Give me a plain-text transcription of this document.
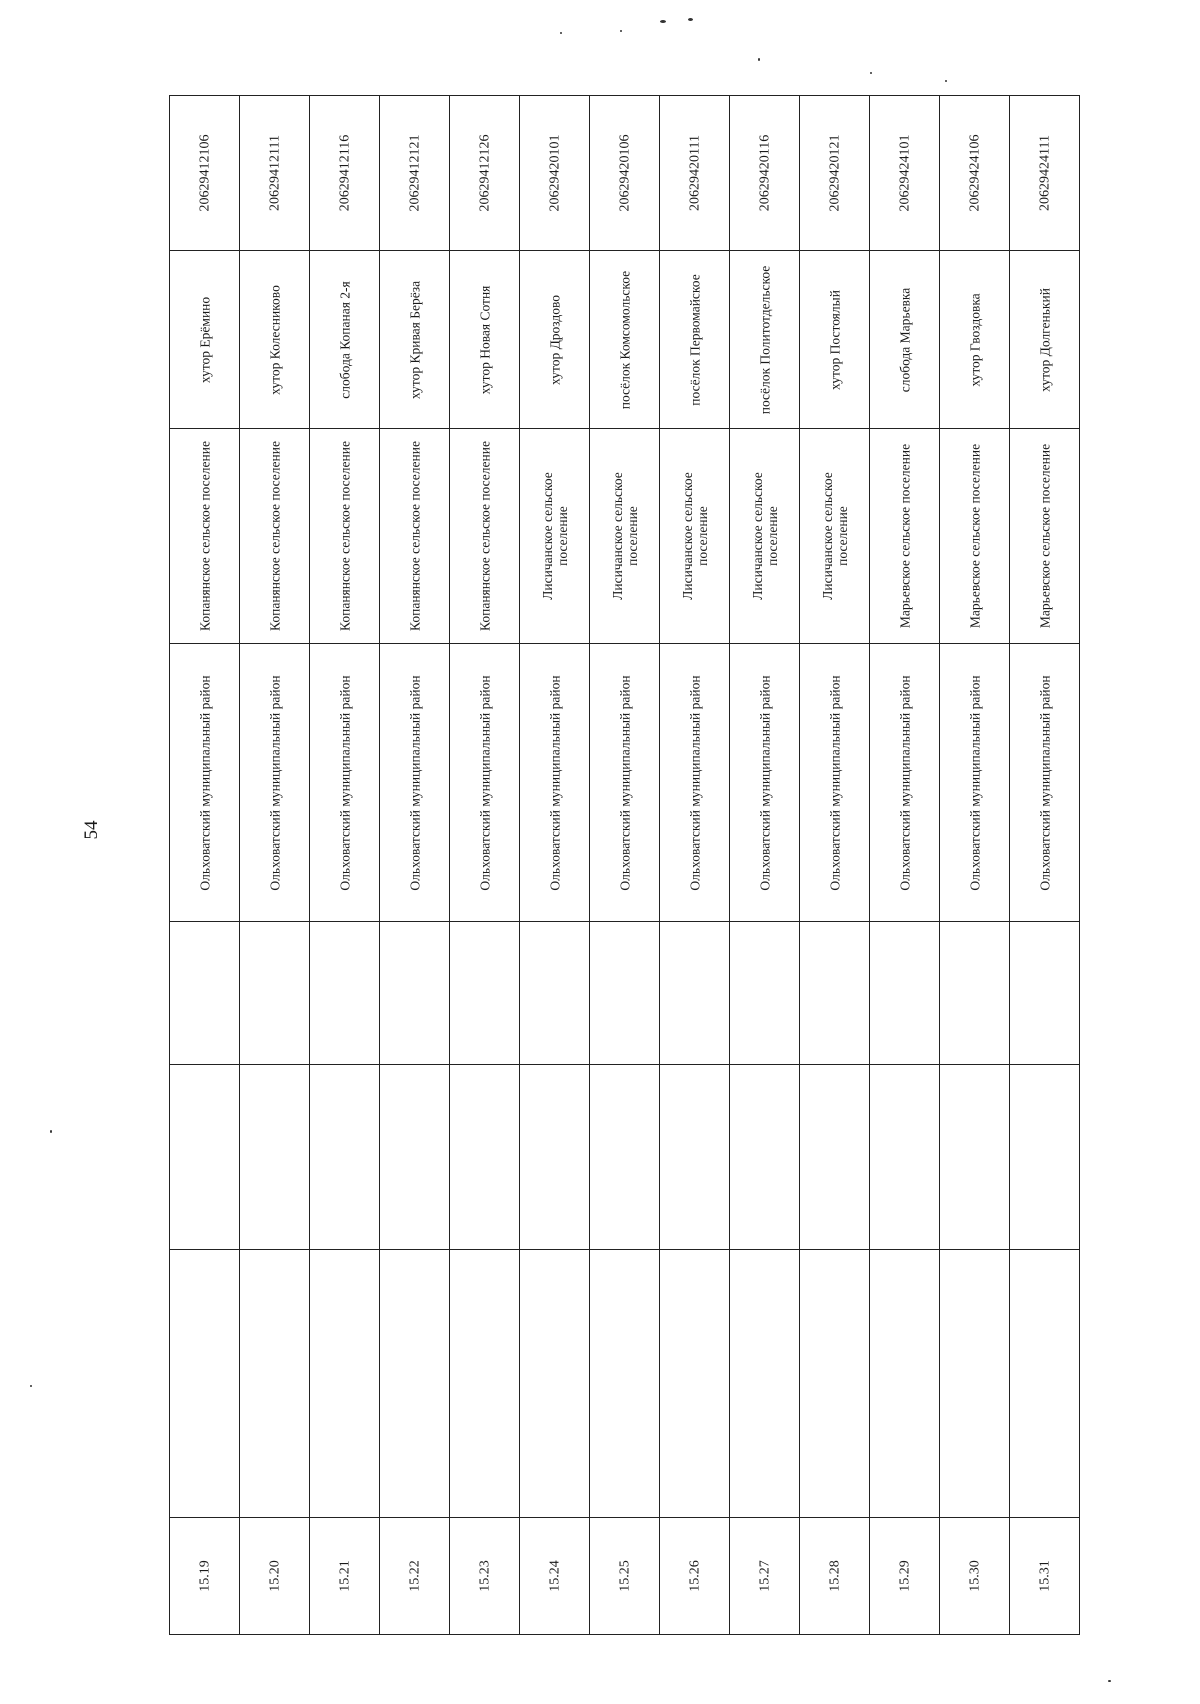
54
20629412106
хутор Ерёмино
Копанянское сельское поселение
Ольховатский муниципальный район
15.19
20629412111
хутор Колесниково
Копанянское сельское поселение
Ольховатский муниципальный район
15.20
20629412116
слобода Копаная 2-я
Копанянское сельское поселение
Ольховатский муниципальный район
15.21
20629412121
хутор Кривая Берёза
Копанянское сельское поселение
Ольховатский муниципальный район
15.22
20629412126
хутор Новая Сотня
Копанянское сельское поселение
Ольховатский муниципальный район
15.23
20629420101
хутор Дроздово
Лисичанское сельское поселение
Ольховатский муниципальный район
15.24
20629420106
посёлок Комсомольское
Лисичанское сельское поселение
Ольховатский муниципальный район
15.25
20629420111
посёлок Первомайское
Лисичанское сельское поселение
Ольховатский муниципальный район
15.26
20629420116
посёлок Политотдельское
Лисичанское сельское поселение
Ольховатский муниципальный район
15.27
20629420121
хутор Постоялый
Лисичанское сельское поселение
Ольховатский муниципальный район
15.28
20629424101
слобода Марьевка
Марьевское сельское поселение
Ольховатский муниципальный район
15.29
20629424106
хутор Гвоздовка
Марьевское сельское поселение
Ольховатский муниципальный район
15.30
20629424111
хутор Долгенький
Марьевское сельское поселение
Ольховатский муниципальный район
15.31
